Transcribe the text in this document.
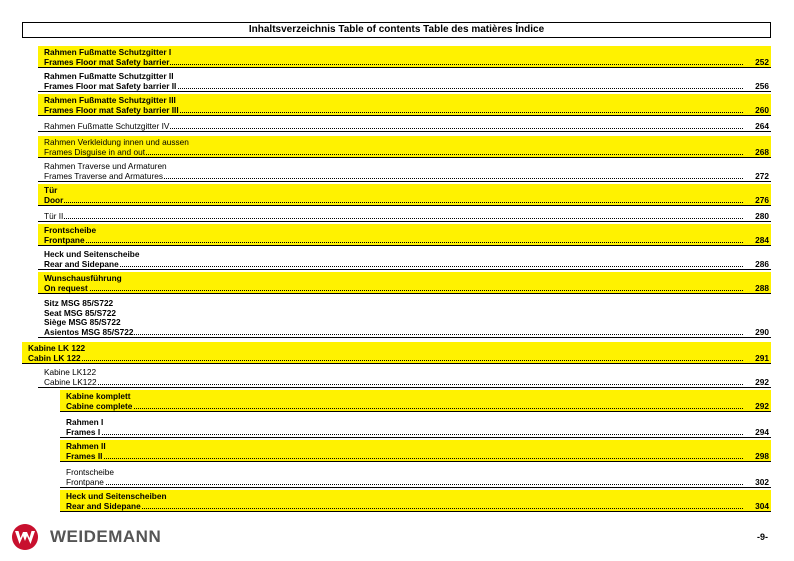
Inhaltsverzeichnis Table of contents Table des matières Índice
Rahmen Fußmatte Schutzgitter I
Frames Floor mat Safety barrier	252
Rahmen Fußmatte Schutzgitter II
Frames Floor mat Safety barrier II	256
Rahmen Fußmatte Schutzgitter III
Frames Floor mat Safety barrier III	260
Rahmen Fußmatte Schutzgitter IV	264
Rahmen Verkleidung innen und aussen
Frames Disguise in and out	268
Rahmen Traverse und Armaturen
Frames Traverse and Armatures	272
Tür
Door	276
Tür II	280
Frontscheibe
Frontpane	284
Heck und Seitenscheibe
Rear and Sidepane	286
Wunschausführung
On request	288
Sitz MSG 85/S722
Seat MSG 85/S722
Siège MSG 85/S722
Asientos MSG 85/S722	290
Kabine LK 122
Cabin LK 122	291
Kabine LK122
Cabine LK122	292
Kabine komplett
Cabine complete	292
Rahmen I
Frames I	294
Rahmen II
Frames II	298
Frontscheibe
Frontpane	302
Heck und Seitenscheiben
Rear and Sidepane	304
WEIDEMANN	-9-
